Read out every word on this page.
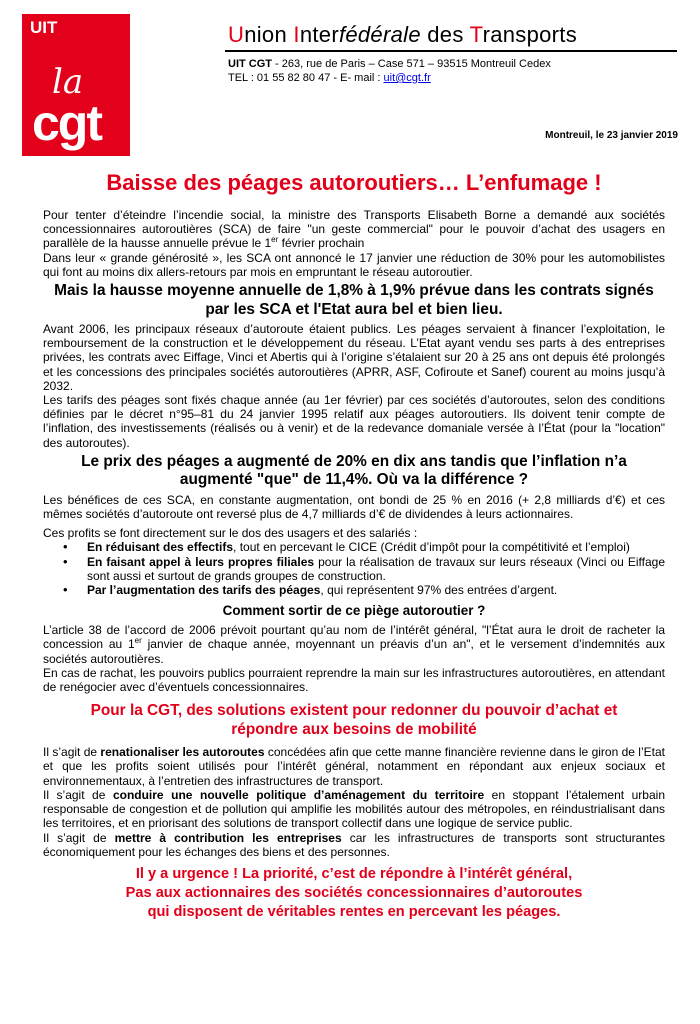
UIT
la
cgt
Union Interfédérale des Transports
UIT CGT - 263, rue de Paris – Case 571 – 93515 Montreuil Cedex
TEL : 01 55 82 80 47 - E- mail : uit@cgt.fr
Montreuil, le 23 janvier 2019
Baisse des péages autoroutiers… L’enfumage !

Pour tenter d’éteindre l’incendie social, la ministre des Transports Elisabeth Borne a demandé aux sociétés concessionnaires autoroutières (SCA) de faire "un geste commercial" pour le pouvoir d’achat des usagers en parallèle de la hausse annuelle prévue le 1er février prochain

Dans leur « grande générosité », les SCA ont annoncé le 17 janvier une réduction de 30% pour les automobilistes qui font au moins dix allers-retours par mois en empruntant le réseau autoroutier.

Mais la hausse moyenne annuelle de 1,8% à 1,9% prévue dans les contrats signés par les SCA et l'Etat aura bel et bien lieu.

Avant 2006, les principaux réseaux d’autoroute étaient publics. Les péages servaient à financer l’exploitation, le remboursement de la construction et le développement du réseau. L’Etat ayant vendu ses parts à des entreprises privées, les contrats avec Eiffage, Vinci et Abertis qui à l’origine s’étalaient sur 20 à 25 ans ont depuis été prolongés et les concessions des principales sociétés autoroutières (APRR, ASF, Cofiroute et Sanef) courent au moins jusqu’à 2032.

Les tarifs des péages sont fixés chaque année (au 1er février) par ces sociétés d’autoroutes, selon des conditions définies par le décret n°95–81 du 24 janvier 1995 relatif aux péages autoroutiers. Ils doivent tenir compte de l’inflation, des investissements (réalisés ou à venir) et de la redevance domaniale versée à l’État (pour la "location" des autoroutes).

Le prix des péages a augmenté de 20% en dix ans tandis que l’inflation n’a augmenté "que" de 11,4%. Où va la différence ?

Les bénéfices de ces SCA, en constante augmentation, ont bondi de 25 % en 2016 (+ 2,8 milliards d’€) et ces mêmes sociétés d’autoroute ont reversé plus de 4,7 milliards d’€ de dividendes à leurs actionnaires.

Ces profits se font directement sur le dos des usagers et des salariés :

• En réduisant des effectifs, tout en percevant le CICE (Crédit d’impôt pour la compétitivité et l’emploi)
• En faisant appel à leurs propres filiales pour la réalisation de travaux sur leurs réseaux (Vinci ou Eiffage sont aussi et surtout de grands groupes de construction.
• Par l’augmentation des tarifs des péages, qui représentent 97% des entrées d’argent.
Comment sortir de ce piège autoroutier ?

L’article 38 de l’accord de 2006 prévoit pourtant qu’au nom de l’intérêt général, "l’État aura le droit de racheter la concession au 1er janvier de chaque année, moyennant un préavis d’un an", et le versement d’indemnités aux sociétés autoroutières.

En cas de rachat, les pouvoirs publics pourraient reprendre la main sur les infrastructures autoroutières, en attendant de renégocier avec d’éventuels concessionnaires.

Pour la CGT, des solutions existent pour redonner du pouvoir d’achat et répondre aux besoins de mobilité

Il s’agit de renationaliser les autoroutes concédées afin que cette manne financière revienne dans le giron de l’Etat et que les profits soient utilisés pour l’intérêt général, notamment en répondant aux enjeux sociaux et environnementaux, à l’entretien des infrastructures de transport.

Il s’agit de conduire une nouvelle politique d’aménagement du territoire en stoppant l’étalement urbain responsable de congestion et de pollution qui amplifie les mobilités autour des métropoles, en réindustrialisant dans les territoires, et en priorisant des solutions de transport collectif dans une logique de service public.

Il s’agit de mettre à contribution les entreprises car les infrastructures de transports sont structurantes économiquement pour les échanges des biens et des personnes.

Il y a urgence ! La priorité, c’est de répondre à l’intérêt général,
Pas aux actionnaires des sociétés concessionnaires d’autoroutes
qui disposent de véritables rentes en percevant les péages.
